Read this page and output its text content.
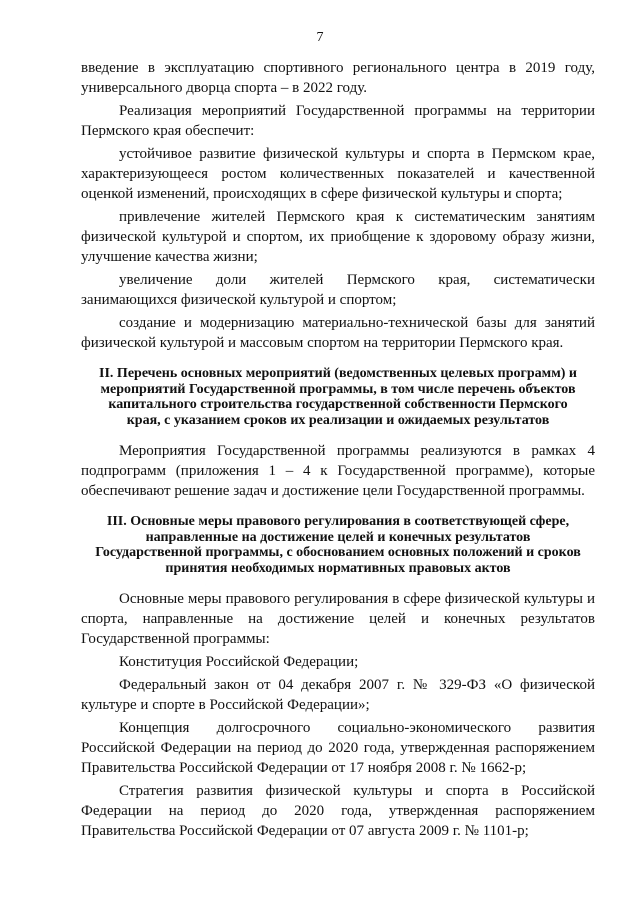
7

введение в эксплуатацию спортивного регионального центра в 2019 году, универсального дворца спорта – в 2022 году.

Реализация мероприятий Государственной программы на территории Пермского края обеспечит:

устойчивое развитие физической культуры и спорта в Пермском крае, характеризующееся ростом количественных показателей и качественной оценкой изменений, происходящих в сфере физической культуры и спорта;

привлечение жителей Пермского края к систематическим занятиям физической культурой и спортом, их приобщение к здоровому образу жизни, улучшение качества жизни;

увеличение доли жителей Пермского края, систематически занимающихся физической культурой и спортом;

создание и модернизацию материально-технической базы для занятий физической культурой и массовым спортом на территории Пермского края.

II. Перечень основных мероприятий (ведомственных целевых программ) и мероприятий Государственной программы, в том числе перечень объектов капитального строительства государственной собственности Пермского края, с указанием сроков их реализации и ожидаемых результатов

Мероприятия Государственной программы реализуются в рамках 4 подпрограмм (приложения 1 – 4 к Государственной программе), которые обеспечивают решение задач и достижение цели Государственной программы.

III. Основные меры правового регулирования в соответствующей сфере, направленные на достижение целей и конечных результатов Государственной программы, с обоснованием основных положений и сроков принятия необходимых нормативных правовых актов

Основные меры правового регулирования в сфере физической культуры и спорта, направленные на достижение целей и конечных результатов Государственной программы:

Конституция Российской Федерации;

Федеральный закон от 04 декабря 2007 г. № 329-ФЗ «О физической культуре и спорте в Российской Федерации»;

Концепция долгосрочного социально-экономического развития Российской Федерации на период до 2020 года, утвержденная распоряжением Правительства Российской Федерации от 17 ноября 2008 г. № 1662-р;

Стратегия развития физической культуры и спорта в Российской Федерации на период до 2020 года, утвержденная распоряжением Правительства Российской Федерации от 07 августа 2009 г. № 1101-р;
